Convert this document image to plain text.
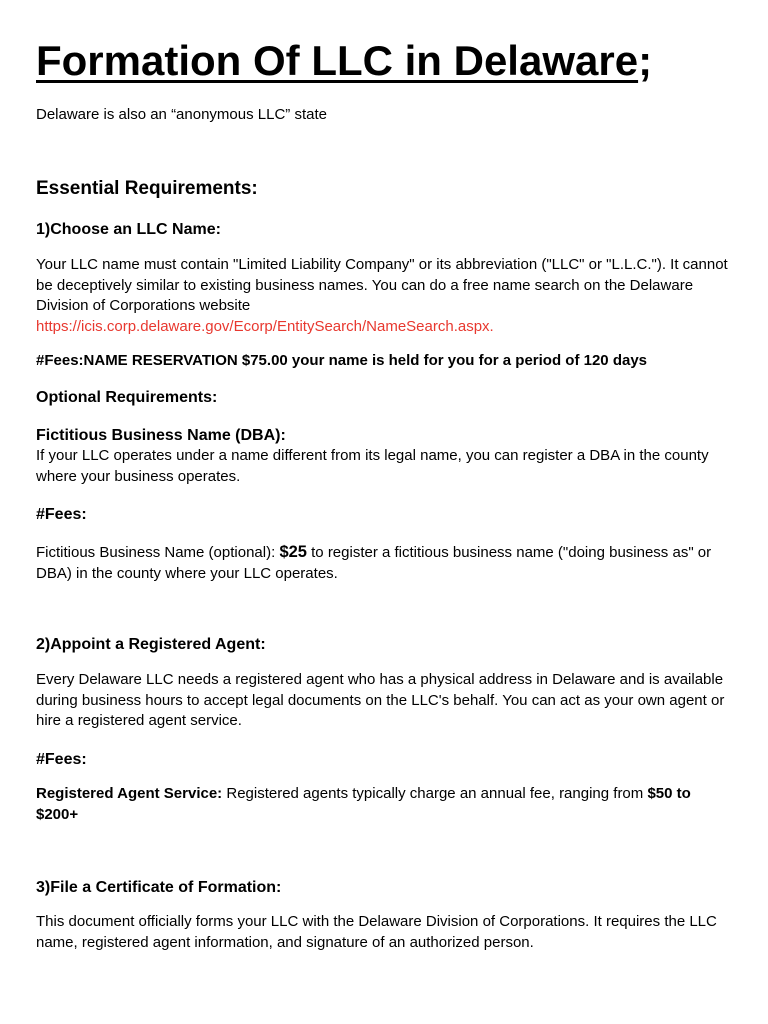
Formation Of LLC in Delaware;

Delaware is also an “anonymous LLC” state

Essential Requirements:
1)Choose an LLC Name:

Your LLC name must contain "Limited Liability Company" or its abbreviation ("LLC" or "L.L.C."). It cannot be deceptively similar to existing business names. You can do a free name search on the Delaware Division of Corporations website
https://icis.corp.delaware.gov/Ecorp/EntitySearch/NameSearch.aspx.

#Fees:NAME RESERVATION $75.00 your name is held for you for a period of 120 days

Optional Requirements:
Fictitious Business Name (DBA):

If your LLC operates under a name different from its legal name, you can register a DBA in the county where your business operates.

#Fees:

Fictitious Business Name (optional): $25 to register a fictitious business name ("doing business as" or DBA) in the county where your LLC operates.

2)Appoint a Registered Agent:

Every Delaware LLC needs a registered agent who has a physical address in Delaware and is available during business hours to accept legal documents on the LLC's behalf. You can act as your own agent or hire a registered agent service.

#Fees:

Registered Agent Service: Registered agents typically charge an annual fee, ranging from $50 to $200+

3)File a Certificate of Formation:

This document officially forms your LLC with the Delaware Division of Corporations. It requires the LLC name, registered agent information, and signature of an authorized person.
